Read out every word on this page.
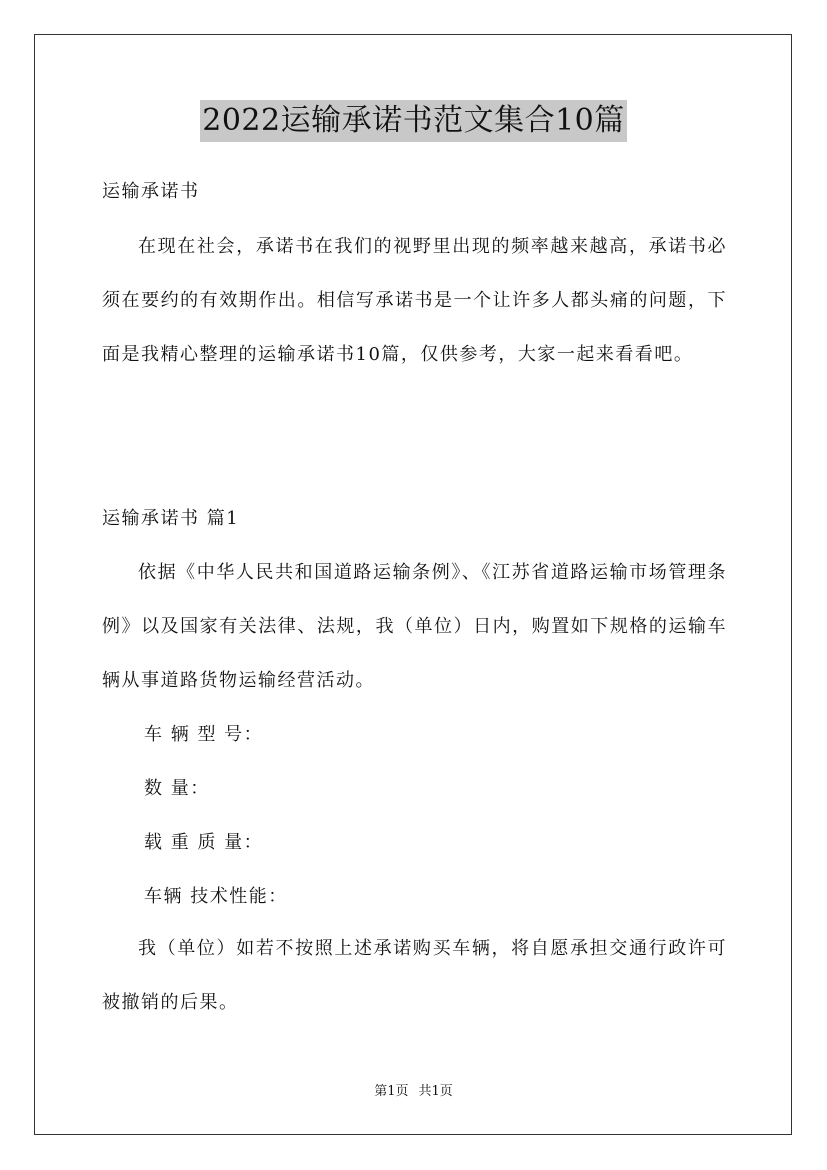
2022运输承诺书范文集合10篇
运输承诺书
在现在社会，承诺书在我们的视野里出现的频率越来越高，承诺书必须在要约的有效期作出。相信写承诺书是一个让许多人都头痛的问题，下面是我精心整理的运输承诺书10篇，仅供参考，大家一起来看看吧。
运输承诺书 篇1
依据《中华人民共和国道路运输条例》、《江苏省道路运输市场管理条例》以及国家有关法律、法规，我（单位）日内，购置如下规格的运输车辆从事道路货物运输经营活动。
车 辆 型 号：
数 量：
载 重 质 量：
车辆 技术性能：
我（单位）如若不按照上述承诺购买车辆，将自愿承担交通行政许可被撤销的后果。
第1页 共1页
